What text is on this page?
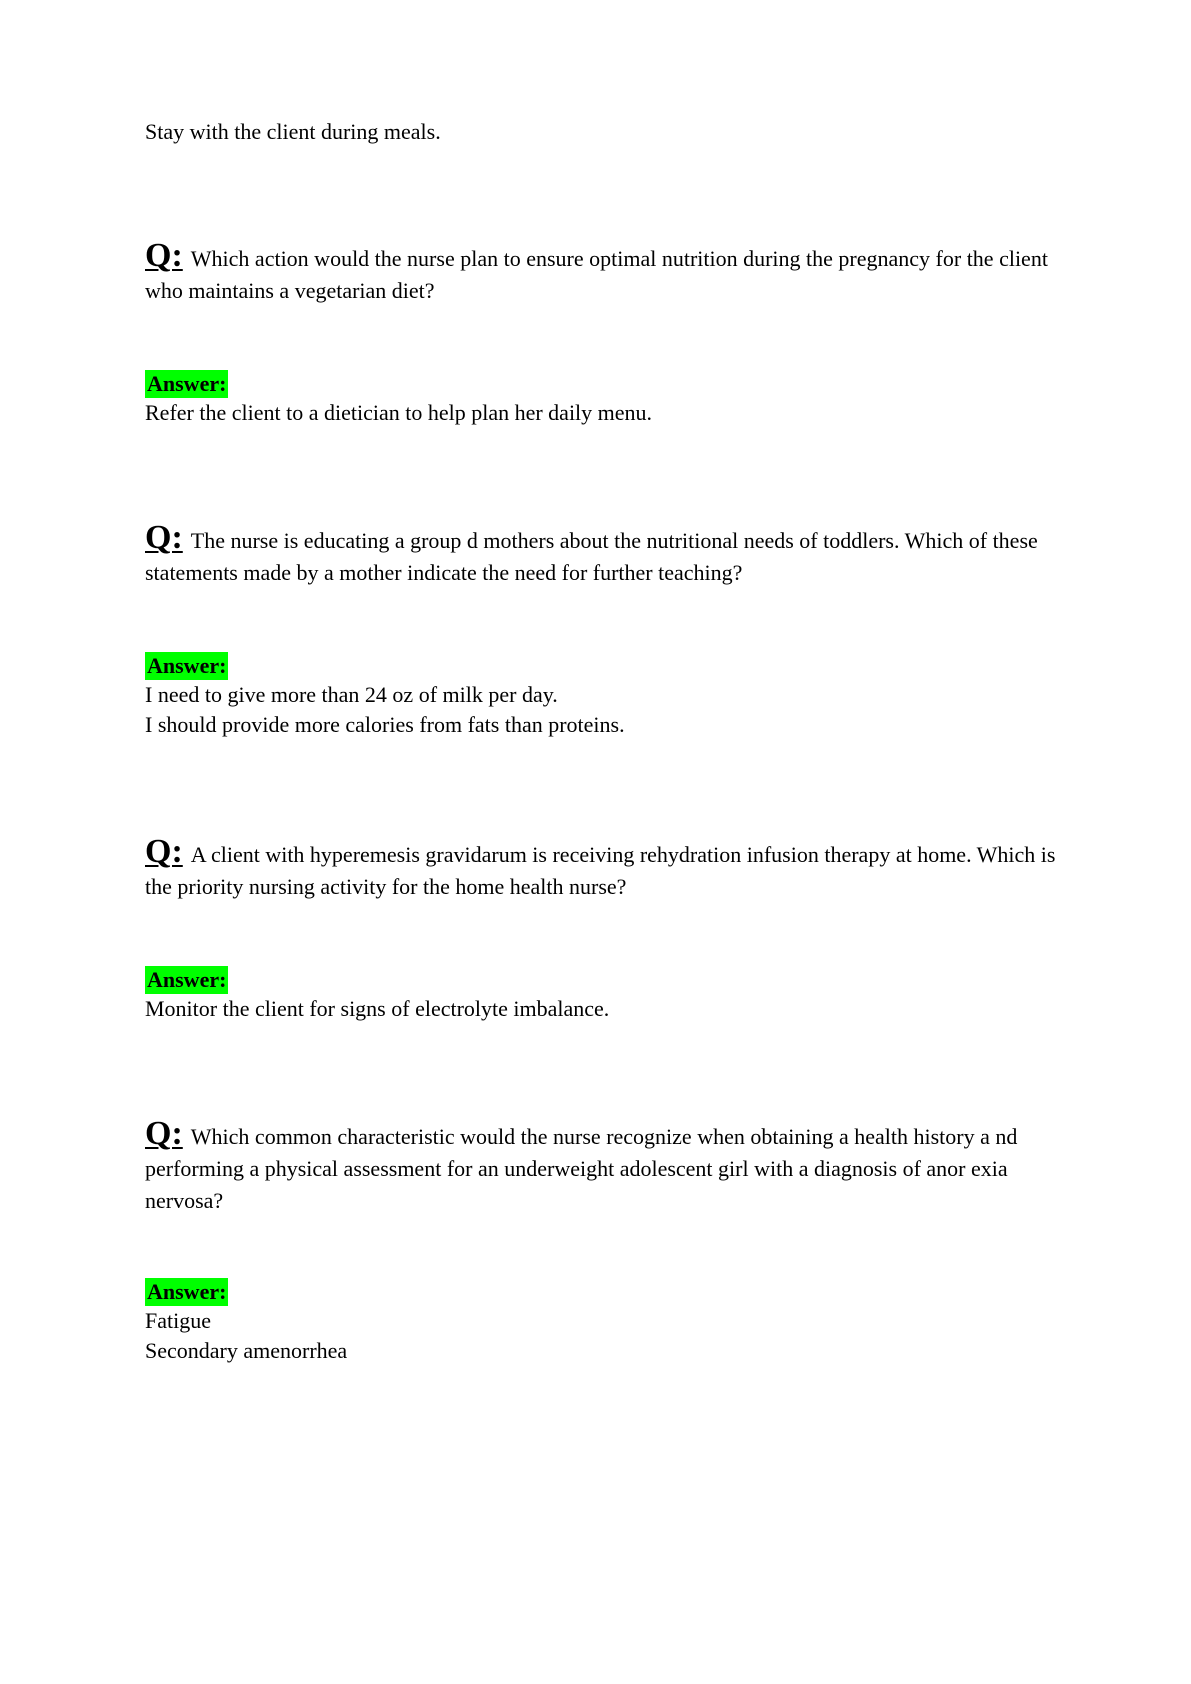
Stay with the client during meals.
Q: Which action would the nurse plan to ensure optimal nutrition during the pregnancy for the client who maintains a vegetarian diet?
Answer:
Refer the client to a dietician to help plan her daily menu.
Q: The nurse is educating a group d mothers about the nutritional needs of toddlers. Which of these statements made by a mother indicate the need for further teaching?
Answer:
I need to give more than 24 oz of milk per day.
I should provide more calories from fats than proteins.
Q: A client with hyperemesis gravidarum is receiving rehydration infusion therapy at home. Which is the priority nursing activity for the home health nurse?
Answer:
Monitor the client for signs of electrolyte imbalance.
Q: Which common characteristic would the nurse recognize when obtaining a health history a nd performing a physical assessment for an underweight adolescent girl with a diagnosis of anor exia nervosa?
Answer:
Fatigue
Secondary amenorrhea
